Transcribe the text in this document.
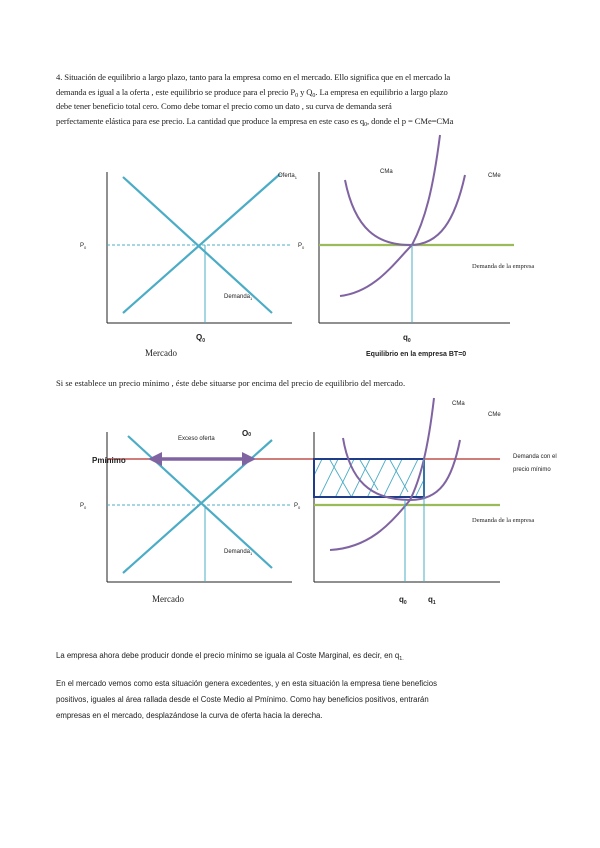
4. Situación de equilibrio a largo plazo, tanto para la empresa como en el mercado. Ello significa que en el mercado la
demanda es igual a la oferta , este equilibrio se produce para el precio $P_0$ y $Q_0$. La empresa en equilibrio a largo plazo
debe tener beneficio total cero. Como debe tomar el precio como un dato , su curva de demanda será
perfectamente elástica para ese precio. La cantidad que produce la empresa en este caso es $q_0$, donde el p = CMe=CMa
Oferta$_1$
Demanda$_1$
$P_0$
$Q_0$
Mercado
CMa
CMe
$P_0$
Demanda de la empresa
$q_0$
Equilibrio en la empresa BT=0
Pmínimo
Exceso oferta
O0
$P_0$
Demanda$_1$
Mercado
CMa
CMe
$P_0$
Demanda con el
precio mínimo
Demanda de la empresa
$q_0$	$q_1$
Si se establece un precio mínimo , éste debe situarse por encima del precio de equilibrio del mercado.
La empresa ahora debe producir donde el precio mínimo se iguala al Coste Marginal, es decir, en $q_{1.}$
En el mercado vemos como esta situación genera excedentes, y en esta situación la empresa tiene beneficios
positivos, iguales al área rallada desde el Coste Medio al Pmínimo. Como hay beneficios positivos, entrarán
empresas en el mercado, desplazándose la curva de oferta hacia la derecha.
